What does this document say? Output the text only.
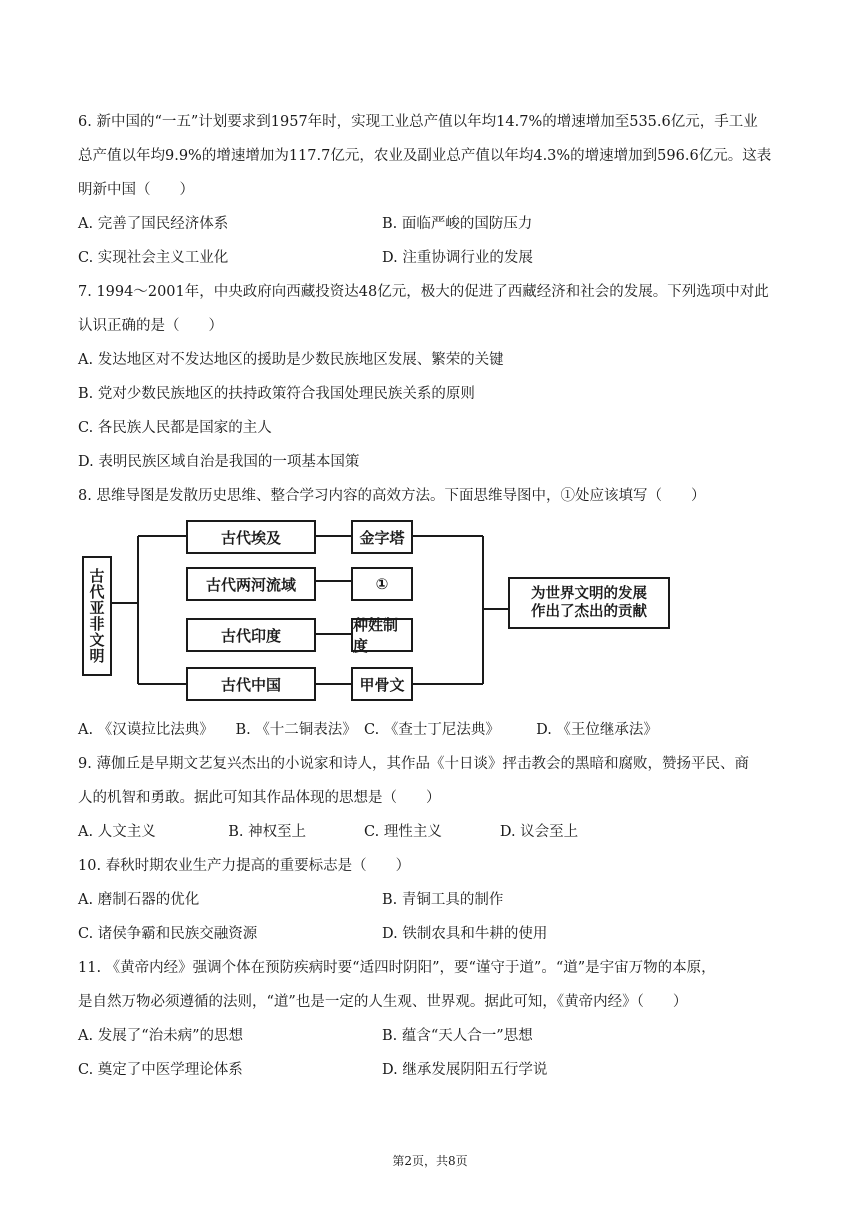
6. 新中国的“一五”计划要求到1957年时，实现工业总产值以年均14.7%的增速增加至535.6亿元，手工业
总产值以年均9.9%的增速增加为117.7亿元，农业及副业总产值以年均4.3%的增速增加到596.6亿元。这表
明新中国（　　）
A. 完善了国民经济体系	B. 面临严峻的国防压力
C. 实现社会主义工业化	D. 注重协调行业的发展
7. 1994～2001年，中央政府向西藏投资达48亿元，极大的促进了西藏经济和社会的发展。下列选项中对此
认识正确的是（　　）
A. 发达地区对不发达地区的援助是少数民族地区发展、繁荣的关键
B. 党对少数民族地区的扶持政策符合我国处理民族关系的原则
C. 各民族人民都是国家的主人
D. 表明民族区域自治是我国的一项基本国策
8. 思维导图是发散历史思维、整合学习内容的高效方法。下面思维导图中，①处应该填写（　　）
古代亚非文明
古代埃及
古代两河流域
古代印度
古代中国
金字塔
①
种姓制度
甲骨文
为世界文明的发展
作出了杰出的贡献
A. 《汉谟拉比法典》　　B. 《十二铜表法》　C. 《查士丁尼法典》　　　D. 《王位继承法》
9. 薄伽丘是早期文艺复兴杰出的小说家和诗人，其作品《十日谈》抨击教会的黑暗和腐败，赞扬平民、商
人的机智和勇敢。据此可知其作品体现的思想是（　　）
A. 人文主义　　　　　B. 神权至上　　　　C. 理性主义　　　　D. 议会至上
10. 春秋时期农业生产力提高的重要标志是（　　）
A. 磨制石器的优化	B. 青铜工具的制作
C. 诸侯争霸和民族交融资源	D. 铁制农具和牛耕的使用
11. 《黄帝内经》强调个体在预防疾病时要“适四时阴阳”，要“谨守于道”。“道”是宇宙万物的本原，
是自然万物必须遵循的法则，“道”也是一定的人生观、世界观。据此可知，《黄帝内经》（　　）
A. 发展了“治未病”的思想	B. 蕴含“天人合一”思想
C. 奠定了中医学理论体系	D. 继承发展阴阳五行学说
第2页，共8页
